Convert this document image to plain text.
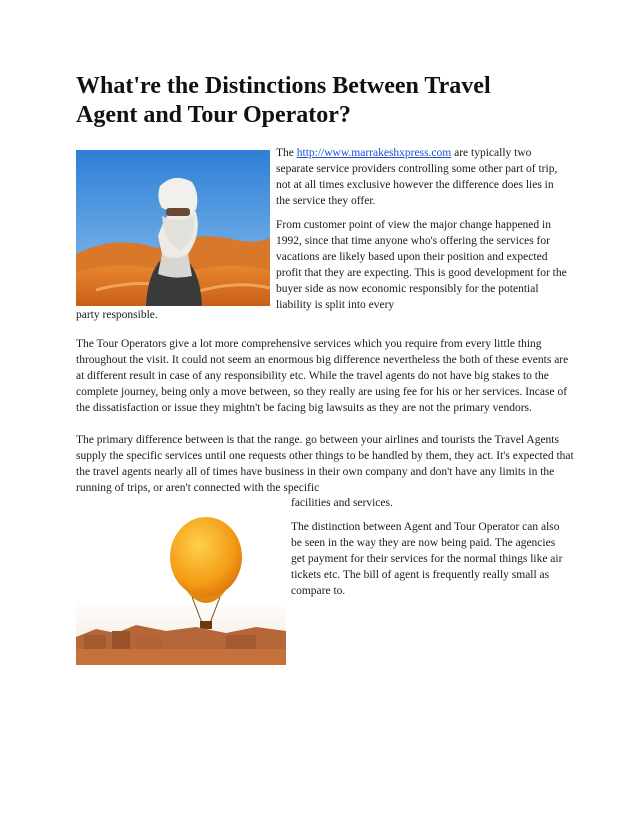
What're the Distinctions Between Travel Agent and Tour Operator?

The http://www.marrakeshxpress.com are typically two separate service providers controlling some other part of trip, not at all times exclusive however the difference does lies in the service they offer.

From customer point of view the major change happened in 1992, since that time anyone who's offering the services for vacations are likely based upon their position and expected profit that they are expecting. This is good development for the buyer side as now economic responsibly for the potential liability is split into every

party responsible.

The Tour Operators give a lot more comprehensive services which you require from every little thing throughout the visit. It could not seem an enormous big difference nevertheless the both of these events are at different result in case of any responsibility etc. While the travel agents do not have big stakes to the complete journey, being only a move between, so they really are using fee for his or her services. Incase of the dissatisfaction or issue they mightn't be facing big lawsuits as they are not the primary vendors.

The primary difference between is that the range. go between your airlines and tourists the Travel Agents supply the specific services until one requests other things to be handled by them, they act. It's expected that the travel agents nearly all of times have business in their own company and don't have any limits in the running of trips, or aren't connected with the specific

facilities and services.

The distinction between Agent and Tour Operator can also be seen in the way they are now being paid. The agencies get payment for their services for the normal things like air tickets etc. The bill of agent is frequently really small as compare to.
